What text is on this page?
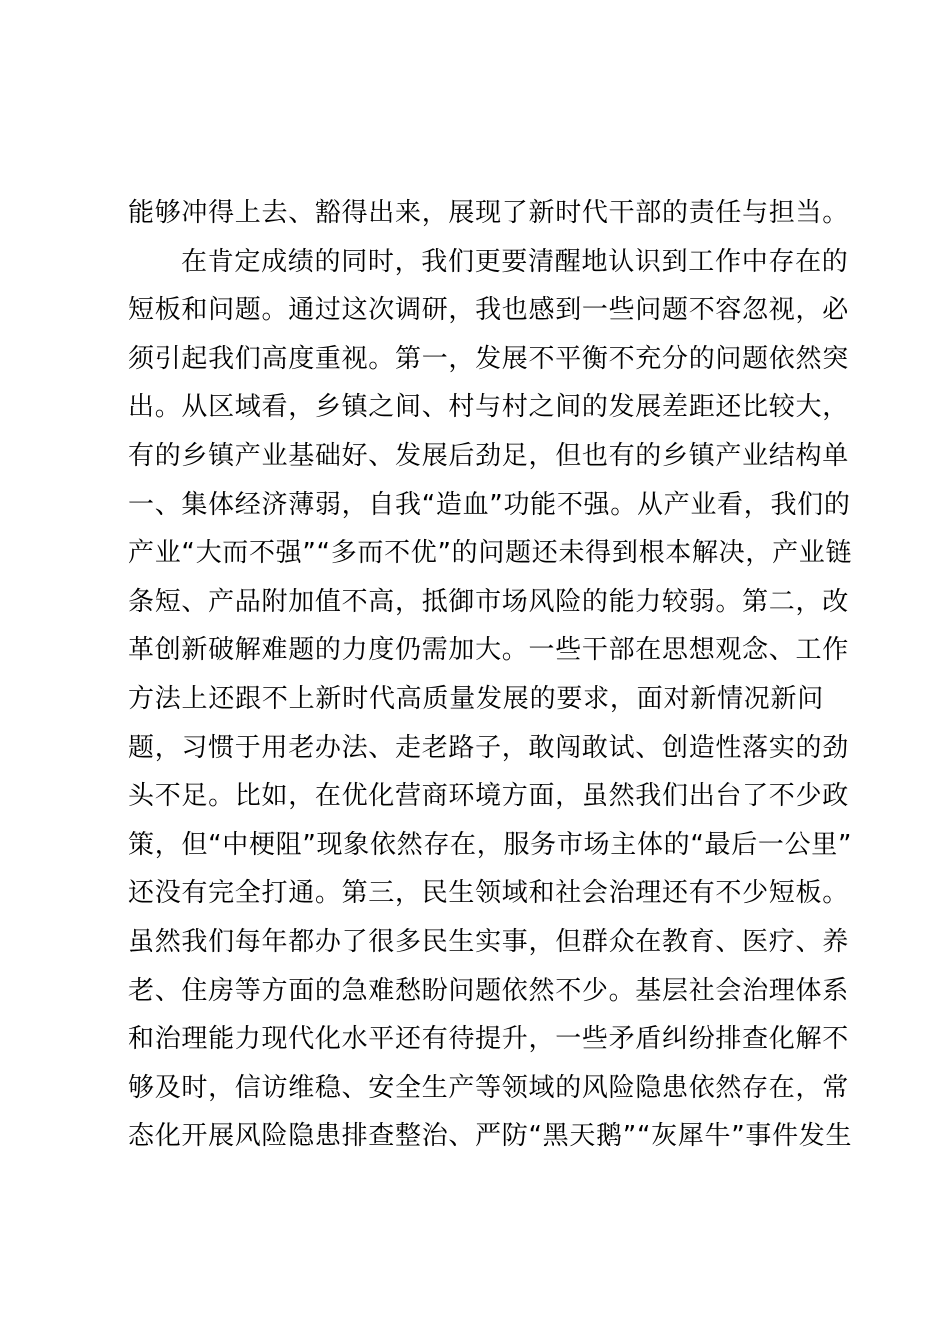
能够冲得上去、豁得出来，展现了新时代干部的责任与担当。
在肯定成绩的同时，我们更要清醒地认识到工作中存在的
短板和问题。通过这次调研，我也感到一些问题不容忽视，必
须引起我们高度重视。第一，发展不平衡不充分的问题依然突
出。从区域看，乡镇之间、村与村之间的发展差距还比较大，
有的乡镇产业基础好、发展后劲足，但也有的乡镇产业结构单
一、集体经济薄弱，自我“造血”功能不强。从产业看，我们的
产业“大而不强”“多而不优”的问题还未得到根本解决，产业链
条短、产品附加值不高，抵御市场风险的能力较弱。第二，改
革创新破解难题的力度仍需加大。一些干部在思想观念、工作
方法上还跟不上新时代高质量发展的要求，面对新情况新问
题，习惯于用老办法、走老路子，敢闯敢试、创造性落实的劲
头不足。比如，在优化营商环境方面，虽然我们出台了不少政
策，但“中梗阻”现象依然存在，服务市场主体的“最后一公里”
还没有完全打通。第三，民生领域和社会治理还有不少短板。
虽然我们每年都办了很多民生实事，但群众在教育、医疗、养
老、住房等方面的急难愁盼问题依然不少。基层社会治理体系
和治理能力现代化水平还有待提升，一些矛盾纠纷排查化解不
够及时，信访维稳、安全生产等领域的风险隐患依然存在，常
态化开展风险隐患排查整治、严防“黑天鹅”“灰犀牛”事件发生
